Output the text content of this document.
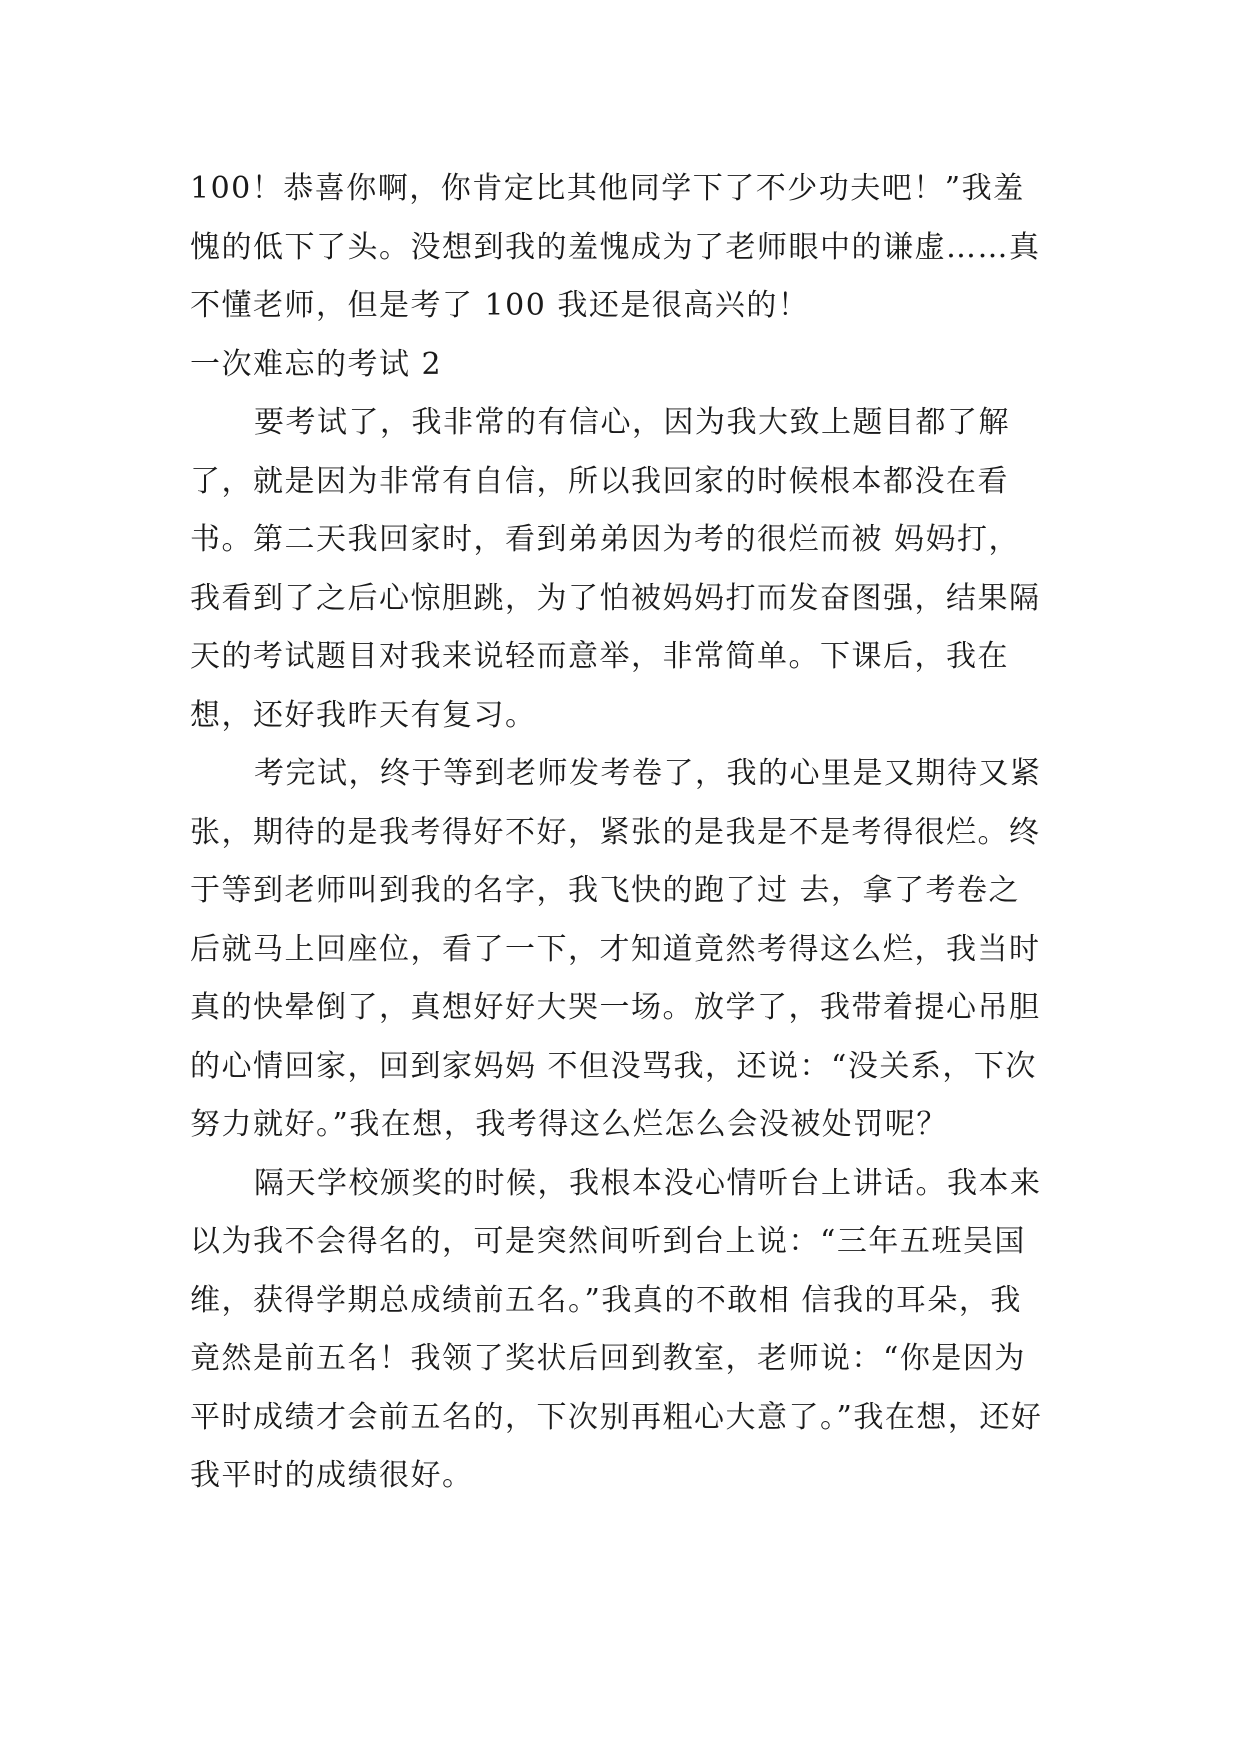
100！恭喜你啊，你肯定比其他同学下了不少功夫吧！”我羞愧的低下了头。没想到我的羞愧成为了老师眼中的谦虚……真不懂老师，但是考了 100 我还是很高兴的！

一次难忘的考试 2

要考试了，我非常的有信心，因为我大致上题目都了解了，就是因为非常有自信，所以我回家的时候根本都没在看书。第二天我回家时，看到弟弟因为考的很烂而被 妈妈打，我看到了之后心惊胆跳，为了怕被妈妈打而发奋图强，结果隔天的考试题目对我来说轻而意举，非常简单。下课后，我在想，还好我昨天有复习。

考完试，终于等到老师发考卷了，我的心里是又期待又紧张，期待的是我考得好不好，紧张的是我是不是考得很烂。终于等到老师叫到我的名字，我飞快的跑了过 去，拿了考卷之后就马上回座位，看了一下，才知道竟然考得这么烂，我当时真的快晕倒了，真想好好大哭一场。放学了，我带着提心吊胆的心情回家，回到家妈妈 不但没骂我，还说：“没关系，下次努力就好。”我在想，我考得这么烂怎么会没被处罚呢？

隔天学校颁奖的时候，我根本没心情听台上讲话。我本来以为我不会得名的，可是突然间听到台上说：“三年五班吴国维，获得学期总成绩前五名。”我真的不敢相 信我的耳朵，我竟然是前五名！我领了奖状后回到教室，老师说：“你是因为平时成绩才会前五名的，下次别再粗心大意了。”我在想，还好我平时的成绩很好。
